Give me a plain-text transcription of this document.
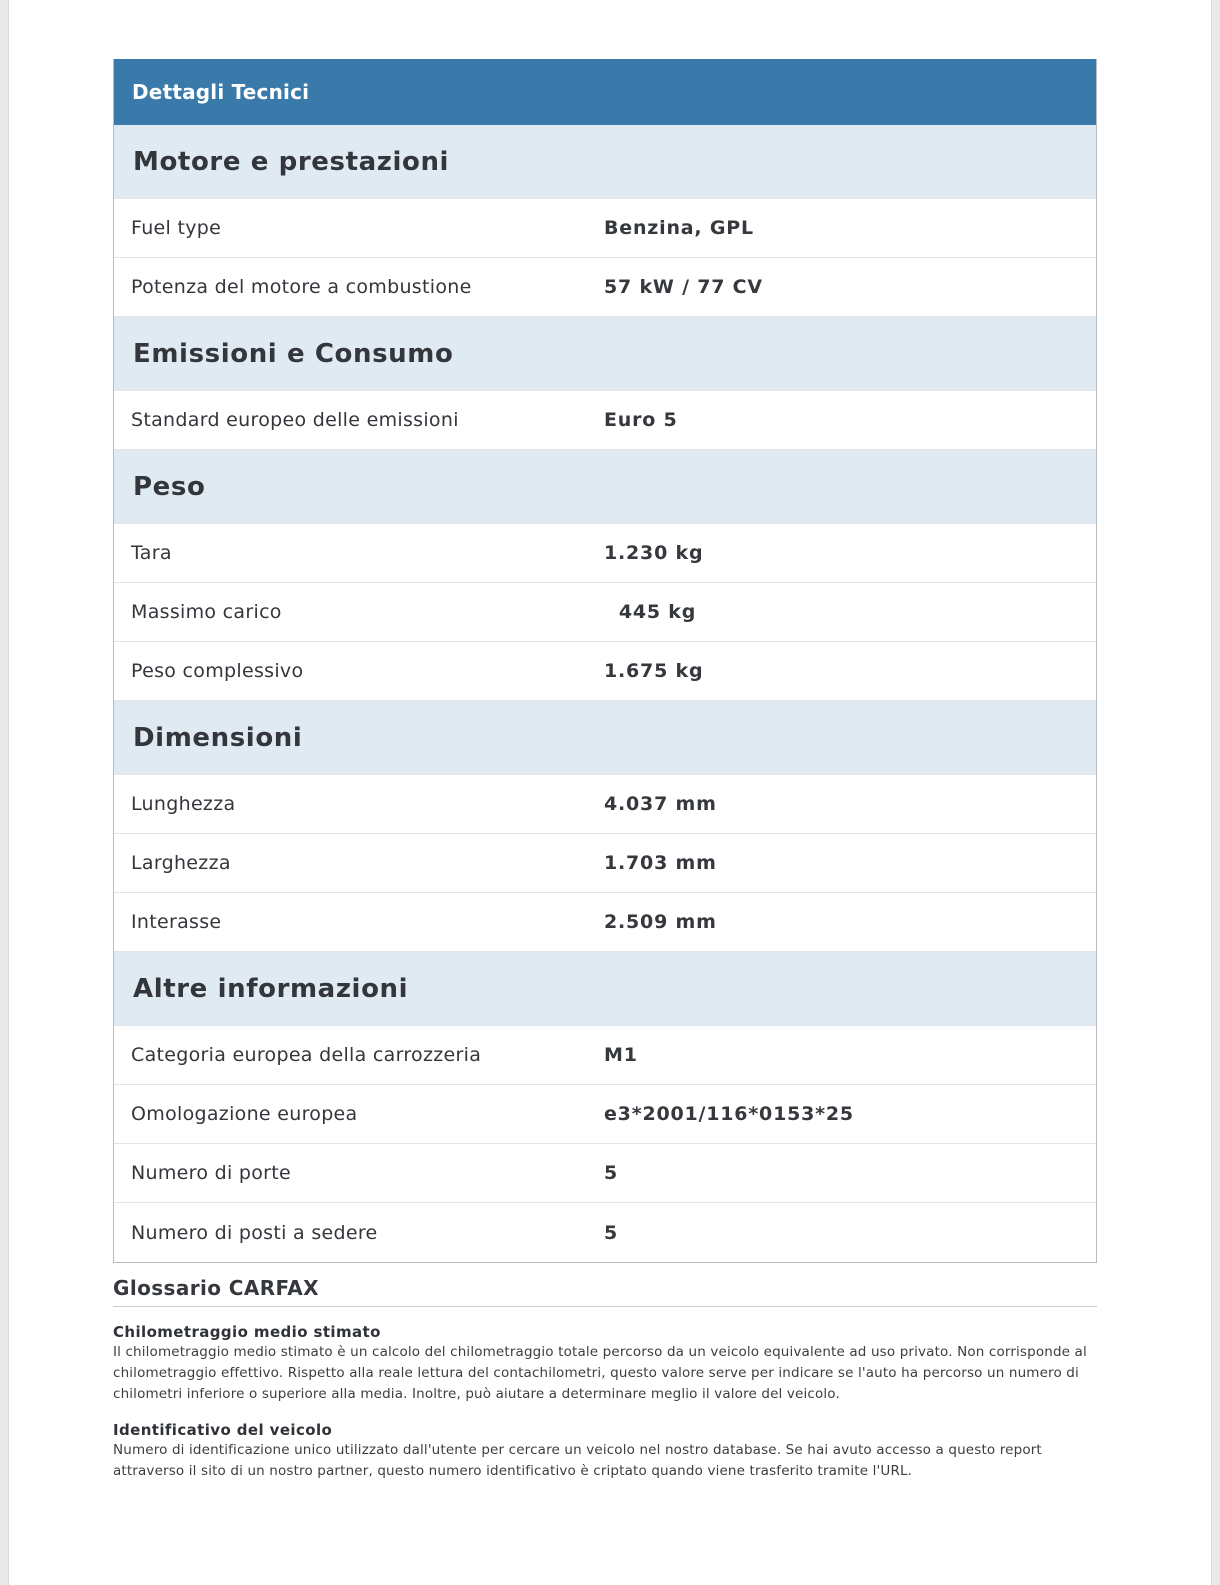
Dettagli Tecnici
Motore e prestazioni
Fuel type	Benzina, GPL
Potenza del motore a combustione	57 kW / 77 CV
Emissioni e Consumo
Standard europeo delle emissioni	Euro 5
Peso
Tara	1.230 kg
Massimo carico	445 kg
Peso complessivo	1.675 kg
Dimensioni
Lunghezza	4.037 mm
Larghezza	1.703 mm
Interasse	2.509 mm
Altre informazioni
Categoria europea della carrozzeria	M1
Omologazione europea	e3*2001/116*0153*25
Numero di porte	5
Numero di posti a sedere	5
Glossario CARFAX
Chilometraggio medio stimato
Il chilometraggio medio stimato è un calcolo del chilometraggio totale percorso da un veicolo equivalente ad uso privato. Non corrisponde al chilometraggio effettivo. Rispetto alla reale lettura del contachilometri, questo valore serve per indicare se l'auto ha percorso un numero di chilometri inferiore o superiore alla media. Inoltre, può aiutare a determinare meglio il valore del veicolo.
Identificativo del veicolo
Numero di identificazione unico utilizzato dall'utente per cercare un veicolo nel nostro database. Se hai avuto accesso a questo report attraverso il sito di un nostro partner, questo numero identificativo è criptato quando viene trasferito tramite l'URL.
